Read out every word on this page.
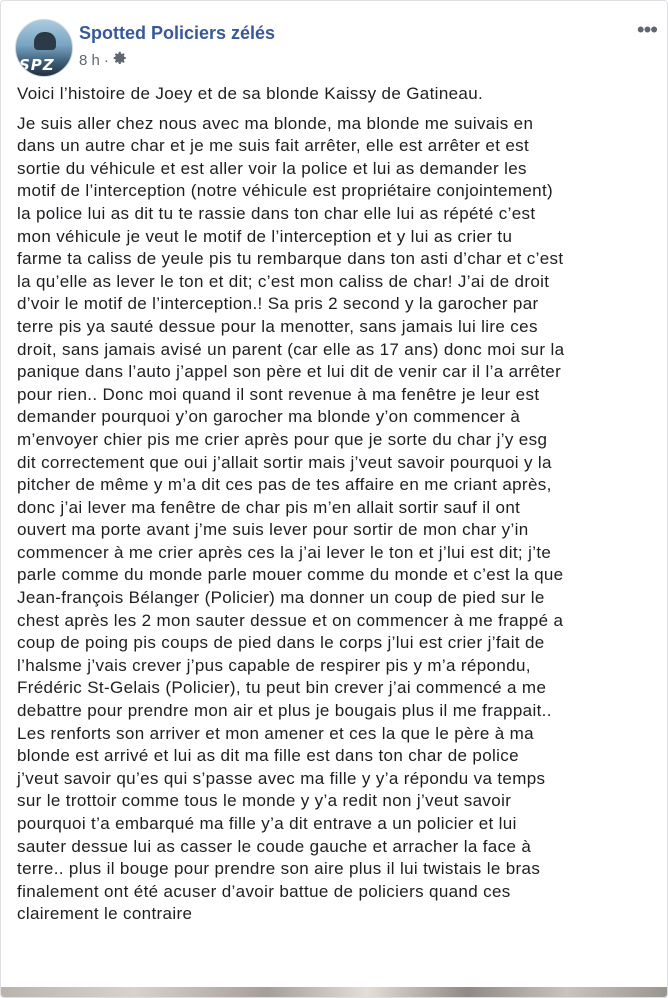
SPZ
Spotted Policiers zélés
8 h ·
•••

Voici l’histoire de Joey et de sa blonde Kaissy de Gatineau.

Je suis aller chez nous avec ma blonde, ma blonde me suivais en
dans un autre char et je me suis fait arrêter, elle est arrêter et est
sortie du véhicule et est aller voir la police et lui as demander les
motif de l’interception (notre véhicule est propriétaire conjointement)
la police lui as dit tu te rassie dans ton char elle lui as répété c’est
mon véhicule je veut le motif de l’interception et y lui as crier tu
farme ta caliss de yeule pis tu rembarque dans ton asti d’char et c’est
la qu’elle as lever le ton et dit; c’est mon caliss de char! J’ai de droit
d’voir le motif de l’interception.! Sa pris 2 second y la garocher par
terre pis ya sauté dessue pour la menotter, sans jamais lui lire ces
droit, sans jamais avisé un parent (car elle as 17 ans) donc moi sur la
panique dans l’auto j’appel son père et lui dit de venir car il l’a arrêter
pour rien.. Donc moi quand il sont revenue à ma fenêtre je leur est
demander pourquoi y’on garocher ma blonde y’on commencer à
m’envoyer chier pis me crier après pour que je sorte du char j’y esg
dit correctement que oui j’allait sortir mais j’veut savoir pourquoi y la
pitcher de même y m’a dit ces pas de tes affaire en me criant après,
donc j’ai lever ma fenêtre de char pis m’en allait sortir sauf il ont
ouvert ma porte avant j’me suis lever pour sortir de mon char y’in
commencer à me crier après ces la j’ai lever le ton et j’lui est dit; j’te
parle comme du monde parle mouer comme du monde et c’est la que
Jean-françois Bélanger (Policier) ma donner un coup de pied sur le
chest après les 2 mon sauter dessue et on commencer à me frappé a
coup de poing pis coups de pied dans le corps j’lui est crier j’fait de
l’halsme j’vais crever j’pus capable de respirer pis y m’a répondu,
Frédéric St-Gelais (Policier), tu peut bin crever j’ai commencé a me
debattre pour prendre mon air et plus je bougais plus il me frappait..
Les renforts son arriver et mon amener et ces la que le père à ma
blonde est arrivé et lui as dit ma fille est dans ton char de police
j’veut savoir qu’es qui s’passe avec ma fille y y’a répondu va temps
sur le trottoir comme tous le monde y y’a redit non j’veut savoir
pourquoi t’a embarqué ma fille y’a dit entrave a un policier et lui
sauter dessue lui as casser le coude gauche et arracher la face à
terre.. plus il bouge pour prendre son aire plus il lui twistais le bras
finalement ont été acuser d’avoir battue de policiers quand ces
clairement le contraire
